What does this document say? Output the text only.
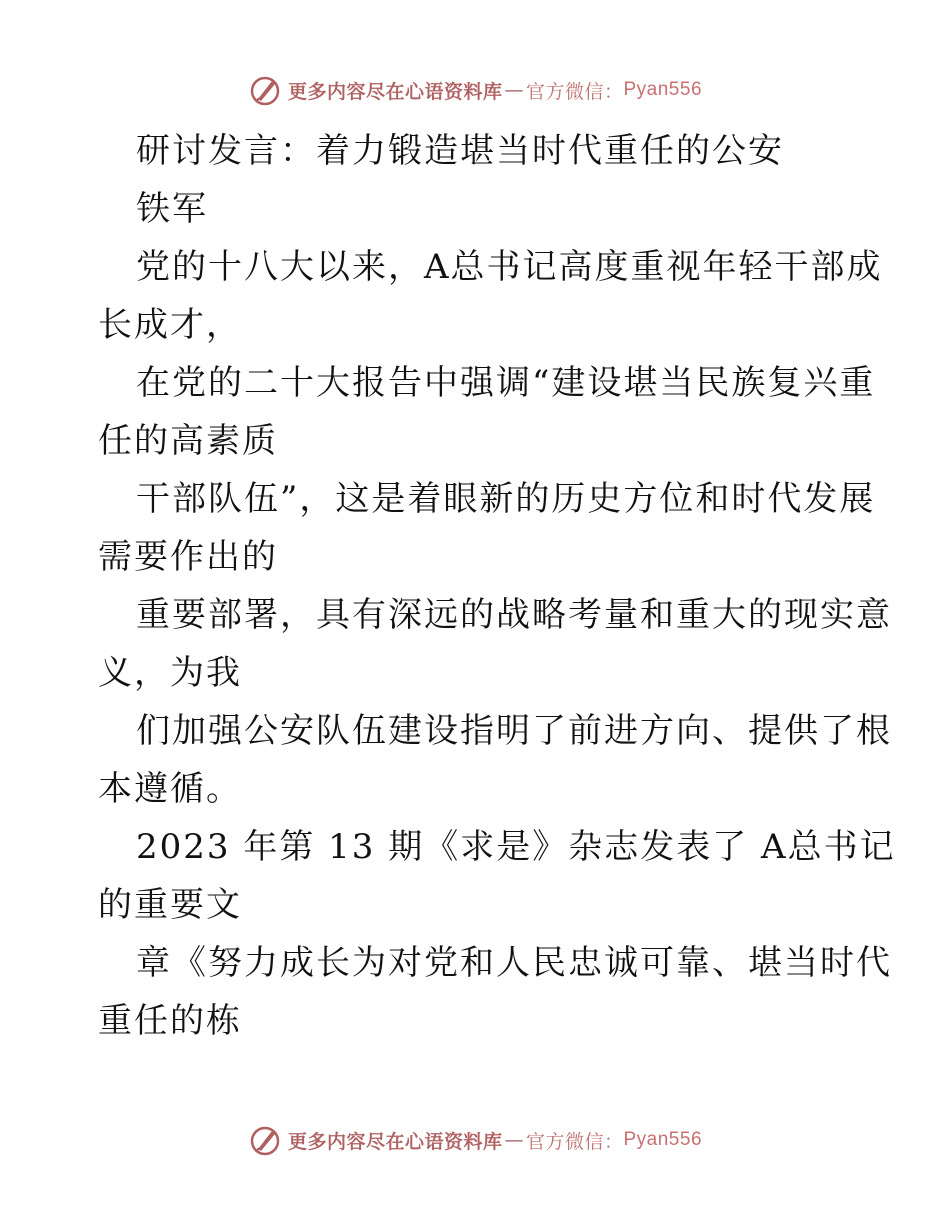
更多内容尽在心语资料库 — 官方微信： Pyan556
研讨发言：着力锻造堪当时代重任的公安
铁军
党的十八大以来，A总书记高度重视年轻干部成
长成才，
在党的二十大报告中强调“建设堪当民族复兴重
任的高素质
干部队伍”，这是着眼新的历史方位和时代发展
需要作出的
重要部署，具有深远的战略考量和重大的现实意
义，为我
们加强公安队伍建设指明了前进方向、提供了根
本遵循。
2023 年第 13 期《求是》杂志发表了 A总书记
的重要文
章《努力成长为对党和人民忠诚可靠、堪当时代
重任的栋
更多内容尽在心语资料库 — 官方微信： Pyan556
